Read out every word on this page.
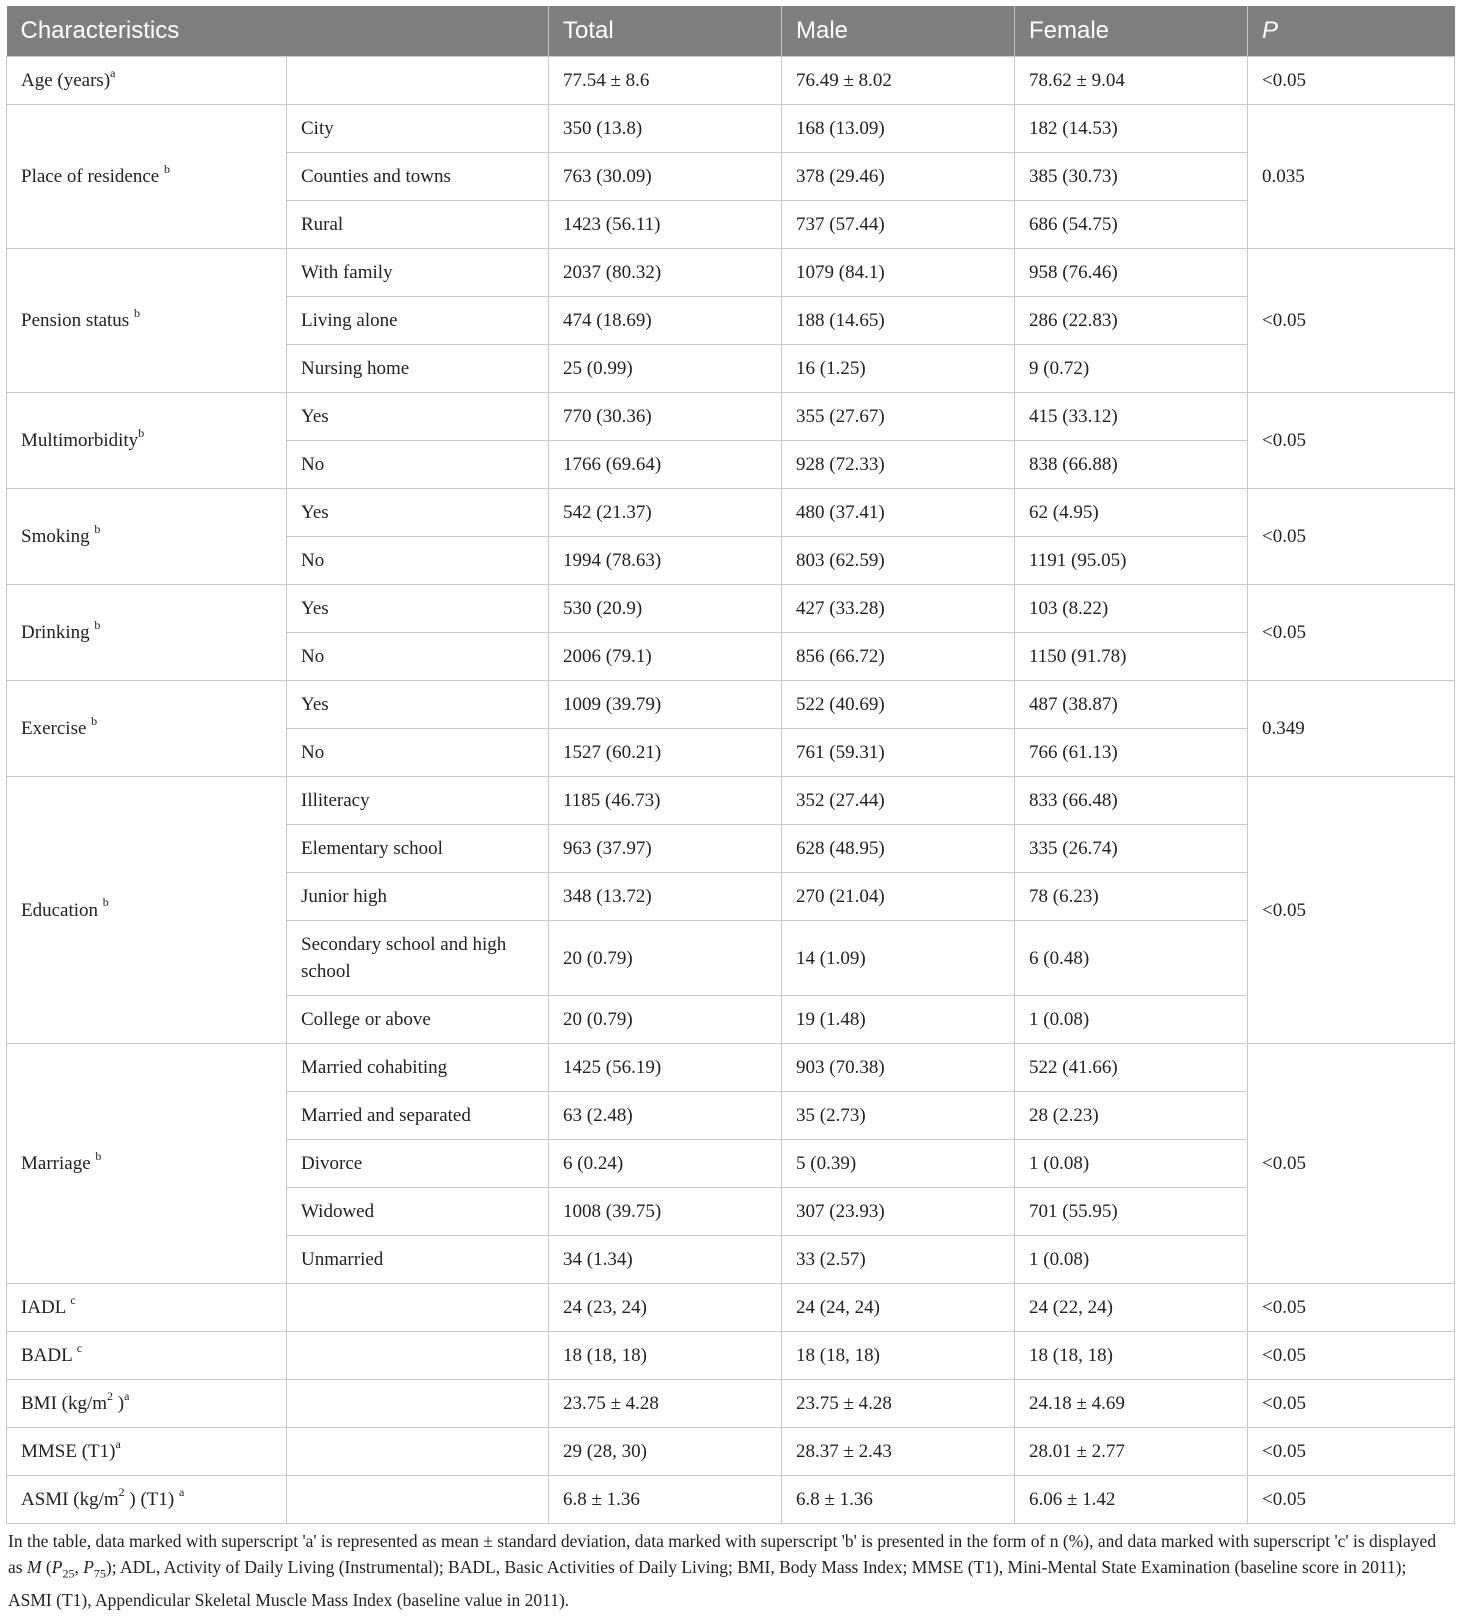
Characteristics		Total	Male	Female	P
Age (years)$^a$		77.54 ± 8.6	76.49 ± 8.02	78.62 ± 9.04	<0.05
Place of residence $^b$	City	350 (13.8)	168 (13.09)	182 (14.53)	0.035
	Counties and towns	763 (30.09)	378 (29.46)	385 (30.73)	
	Rural	1423 (56.11)	737 (57.44)	686 (54.75)	
Pension status $^b$	With family	2037 (80.32)	1079 (84.1)	958 (76.46)	<0.05
	Living alone	474 (18.69)	188 (14.65)	286 (22.83)	
	Nursing home	25 (0.99)	16 (1.25)	9 (0.72)	
Multimorbidity$^b$	Yes	770 (30.36)	355 (27.67)	415 (33.12)	<0.05
	No	1766 (69.64)	928 (72.33)	838 (66.88)	
Smoking $^b$	Yes	542 (21.37)	480 (37.41)	62 (4.95)	<0.05
	No	1994 (78.63)	803 (62.59)	1191 (95.05)	
Drinking $^b$	Yes	530 (20.9)	427 (33.28)	103 (8.22)	<0.05
	No	2006 (79.1)	856 (66.72)	1150 (91.78)	
Exercise $^b$	Yes	1009 (39.79)	522 (40.69)	487 (38.87)	0.349
	No	1527 (60.21)	761 (59.31)	766 (61.13)	
Education $^b$	Illiteracy	1185 (46.73)	352 (27.44)	833 (66.48)	<0.05
	Elementary school	963 (37.97)	628 (48.95)	335 (26.74)	
	Junior high	348 (13.72)	270 (21.04)	78 (6.23)	
	Secondary school and high school	20 (0.79)	14 (1.09)	6 (0.48)	
	College or above	20 (0.79)	19 (1.48)	1 (0.08)	
Marriage $^b$	Married cohabiting	1425 (56.19)	903 (70.38)	522 (41.66)	<0.05
	Married and separated	63 (2.48)	35 (2.73)	28 (2.23)	
	Divorce	6 (0.24)	5 (0.39)	1 (0.08)	
	Widowed	1008 (39.75)	307 (23.93)	701 (55.95)	
	Unmarried	34 (1.34)	33 (2.57)	1 (0.08)	
IADL $^c$		24 (23, 24)	24 (24, 24)	24 (22, 24)	<0.05
BADL $^c$		18 (18, 18)	18 (18, 18)	18 (18, 18)	<0.05
BMI ($kg/m^2$ )$^a$		23.75 ± 4.28	23.75 ± 4.28	24.18 ± 4.69	<0.05
MMSE $(T1)^a$		29 (28, 30)	28.37 ± 2.43	28.01 ± 2.77	<0.05
ASMI ($kg/m^2$ ) (T1) $^a$		6.8 ± 1.36	6.8 ± 1.36	6.06 ± 1.42	<0.05
In the table, data marked with superscript 'a' is represented as mean ± standard deviation, data marked with superscript 'b' is presented in the form of n (%), and data marked with superscript 'c' is displayed as M ($P_{25}$, $P_{75}$); ADL, Activity of Daily Living (Instrumental); BADL, Basic Activities of Daily Living; BMI, Body Mass Index; MMSE (T1), Mini-Mental State Examination (baseline score in 2011); ASMI (T1), Appendicular Skeletal Muscle Mass Index (baseline value in 2011).
